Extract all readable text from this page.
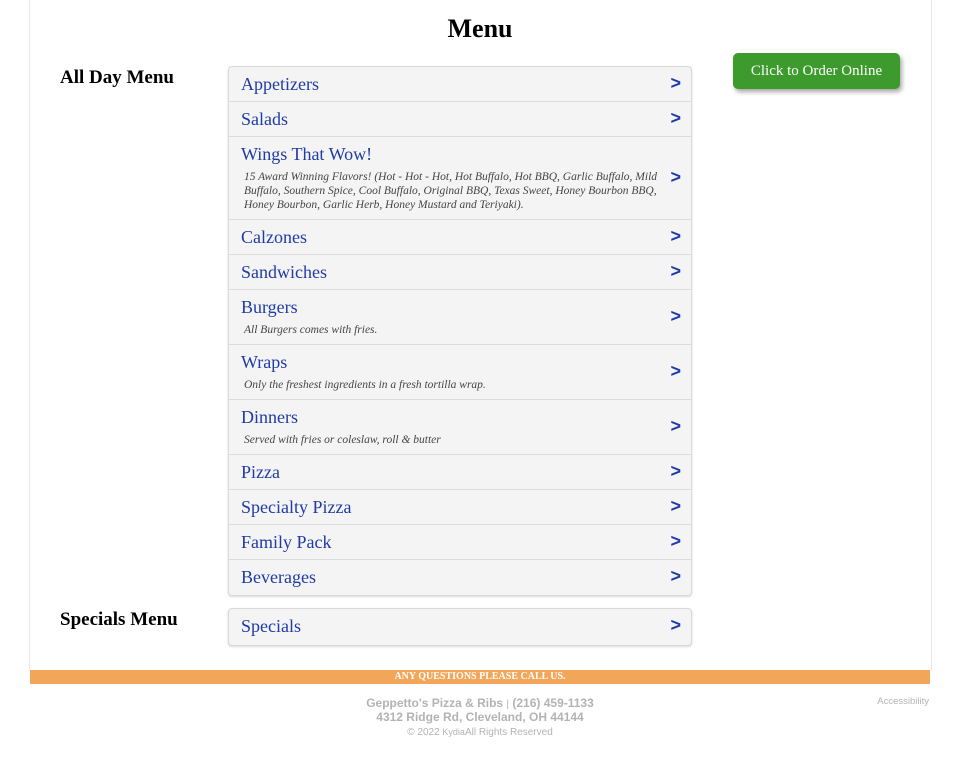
Menu
All Day Menu	Appetizers	>
Salads	>
Wings That Wow!
15 Award Winning Flavors! (Hot - Hot - Hot, Hot Buffalo, Hot BBQ, Garlic Buffalo, Mild Buffalo, Southern Spice, Cool Buffalo, Original BBQ, Texas Sweet, Honey Bourbon BBQ, Honey Bourbon, Garlic Herb, Honey Mustard and Teriyaki).
>
Calzones	>
Sandwiches	>
Burgers
All Burgers comes with fries.
>
Wraps
Only the freshest ingredients in a fresh tortilla wrap.
>
Dinners
Served with fries or coleslaw, roll & butter
>
Pizza	>
Specialty Pizza	>
Family Pack	>
Beverages	>
Specials Menu	Specials	>
Click to Order Online
ANY QUESTIONS PLEASE CALL US.
Geppetto's Pizza & Ribs | (216) 459-1133
4312 Ridge Rd, Cleveland, OH 44144
© 2022 KydiaAll Rights Reserved
Accessibility
